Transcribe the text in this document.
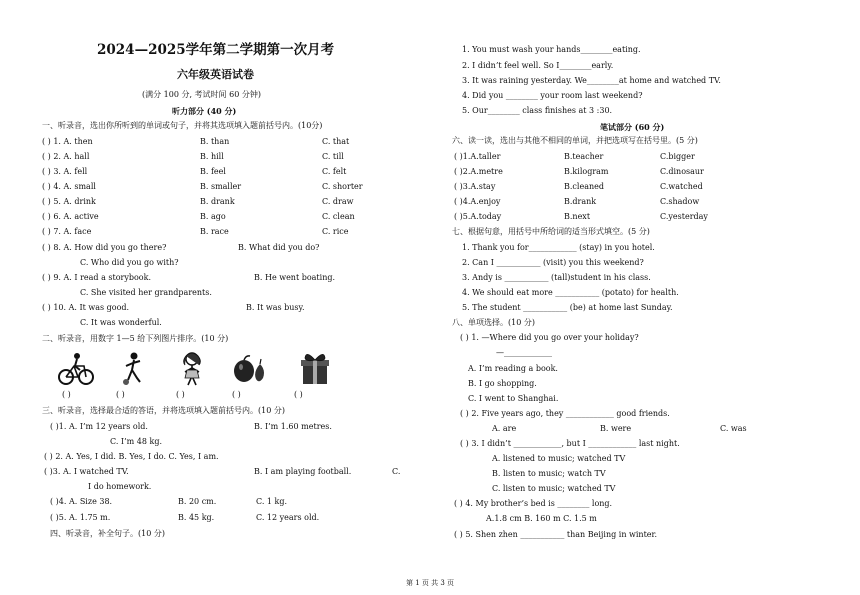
2024—2025学年第二学期第一次月考
六年级英语试卷
(满分 100 分, 考试时间 60 分钟)
听力部分 (40 分)
一、听录音，选出你所听到的单词或句子，并将其选项填入题前括号内。(10分)
( ) 1. A. then	B. than	C. that
( ) 2. A. hall	B. hill	C. till
( ) 3. A. fell	B. feel	C. felt
( ) 4. A. small	B. smaller	C. shorter
( ) 5. A. drink	B. drank	C. draw
( ) 6. A. active	B. ago	C. clean
( ) 7. A. face	B. race	C. rice
( ) 8. A. How did you go there?	B. What did you do?
C. Who did you go with?
( ) 9. A. I read a storybook.	B. He went boating.
C. She visited her grandparents.
( ) 10. A. It was good.	B. It was busy.
C. It was wonderful.
二、听录音，用数字 1—5 给下列图片排序。(10 分)
( )	( )	( )	( )	( )
三、听录音，选择最合适的答语，并将选项填入题前括号内。(10 分)
( )1. A. I’m 12 years old.	B. I’m 1.60 metres.
C. I’m 48 kg.
( ) 2. A. Yes, I did. B. Yes, I do. C. Yes, I am.
( )3. A. I watched TV.	B. I am playing football.	C.
I do homework.
( )4. A. Size 38.	B. 20 cm.	C. 1 kg.
( )5. A. 1.75 m.	B. 45 kg.	C. 12 years old.
四、听录音，补全句子。(10 分)
1. You must wash your hands________eating.
2. I didn’t feel well. So I________early.
3. It was raining yesterday. We________at home and watched TV.
4. Did you ________ your room last weekend?
5. Our________ class finishes at 3 :30.
笔试部分 (60 分)
六、读一读，选出与其他不相同的单词，并把选项写在括号里。(5 分)
( )1.A.taller	B.teacher	C.bigger
( )2.A.metre	B.kilogram	C.dinosaur
( )3.A.stay	B.cleaned	C.watched
( )4.A.enjoy	B.drank	C.shadow
( )5.A.today	B.next	C.yesterday
七、根据句意，用括号中所给词的适当形式填空。(5 分)
1. Thank you for____________ (stay) in you hotel.
2. Can I ___________ (visit) you this weekend?
3. Andy is ___________ (tall)student in his class.
4. We should eat more ___________ (potato) for health.
5. The student ___________ (be) at home last Sunday.
八、单项选择。(10 分)
( ) 1. —Where did you go over your holiday?
—____________
A. I’m reading a book.
B. I go shopping.
C. I went to Shanghai.
( ) 2. Five years ago, they ____________ good friends.
A. are	B. were	C. was
( ) 3. I didn’t ____________, but I ____________ last night.
A. listened to music; watched TV
B. listen to music; watch TV
C. listen to music; watched TV
( ) 4. My brother’s bed is ________ long.
A.1.8 cm B. 160 m C. 1.5 m
( ) 5. Shen zhen ___________ than Beijing in winter.
第 1 页 共 3 页
